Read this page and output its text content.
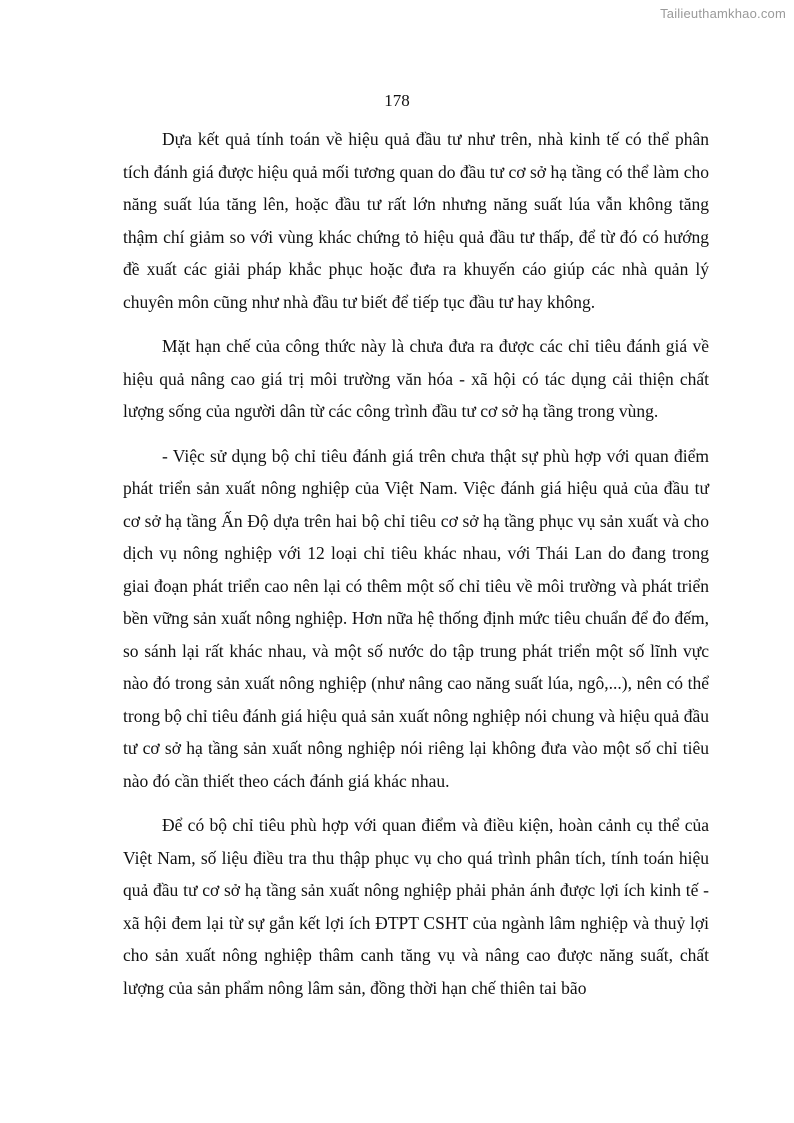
Tailieuthamkhao.com
178

Dựa kết quả tính toán về hiệu quả đầu tư như trên, nhà kinh tế có thể phân tích đánh giá được hiệu quả mối tương quan do đầu tư cơ sở hạ tầng có thể làm cho năng suất lúa tăng lên, hoặc đầu tư rất lớn nhưng năng suất lúa vẫn không tăng thậm chí giảm so với vùng khác chứng tỏ hiệu quả đầu tư thấp, để từ đó có hướng đề xuất các giải pháp khắc phục hoặc đưa ra khuyến cáo giúp các nhà quản lý chuyên môn cũng như nhà đầu tư biết để tiếp tục đầu tư hay không.

Mặt hạn chế của công thức này là chưa đưa ra được các chỉ tiêu đánh giá về hiệu quả nâng cao giá trị môi trường văn hóa - xã hội có tác dụng cải thiện chất lượng sống của người dân từ các công trình đầu tư cơ sở hạ tầng trong vùng.

- Việc sử dụng bộ chỉ tiêu đánh giá trên chưa thật sự phù hợp với quan điểm phát triển sản xuất nông nghiệp của Việt Nam. Việc đánh giá hiệu quả của đầu tư cơ sở hạ tầng Ấn Độ dựa trên hai bộ chỉ tiêu cơ sở hạ tầng phục vụ sản xuất và cho dịch vụ nông nghiệp với 12 loại chỉ tiêu khác nhau, với Thái Lan do đang trong giai đoạn phát triển cao nên lại có thêm một số chỉ tiêu về môi trường và phát triển bền vững sản xuất nông nghiệp. Hơn nữa hệ thống định mức tiêu chuẩn để đo đếm, so sánh lại rất khác nhau, và một số nước do tập trung phát triển một số lĩnh vực nào đó trong sản xuất nông nghiệp (như nâng cao năng suất lúa, ngô,...), nên có thể trong bộ chỉ tiêu đánh giá hiệu quả sản xuất nông nghiệp nói chung và hiệu quả đầu tư cơ sở hạ tầng sản xuất nông nghiệp nói riêng lại không đưa vào một số chỉ tiêu nào đó cần thiết theo cách đánh giá khác nhau.

Để có bộ chỉ tiêu phù hợp với quan điểm và điều kiện, hoàn cảnh cụ thể của Việt Nam, số liệu điều tra thu thập phục vụ cho quá trình phân tích, tính toán hiệu quả đầu tư cơ sở hạ tầng sản xuất nông nghiệp phải phản ánh được lợi ích kinh tế - xã hội đem lại từ sự gắn kết lợi ích ĐTPT CSHT của ngành lâm nghiệp và thuỷ lợi cho sản xuất nông nghiệp thâm canh tăng vụ và nâng cao được năng suất, chất lượng của sản phẩm nông lâm sản, đồng thời hạn chế thiên tai bão
